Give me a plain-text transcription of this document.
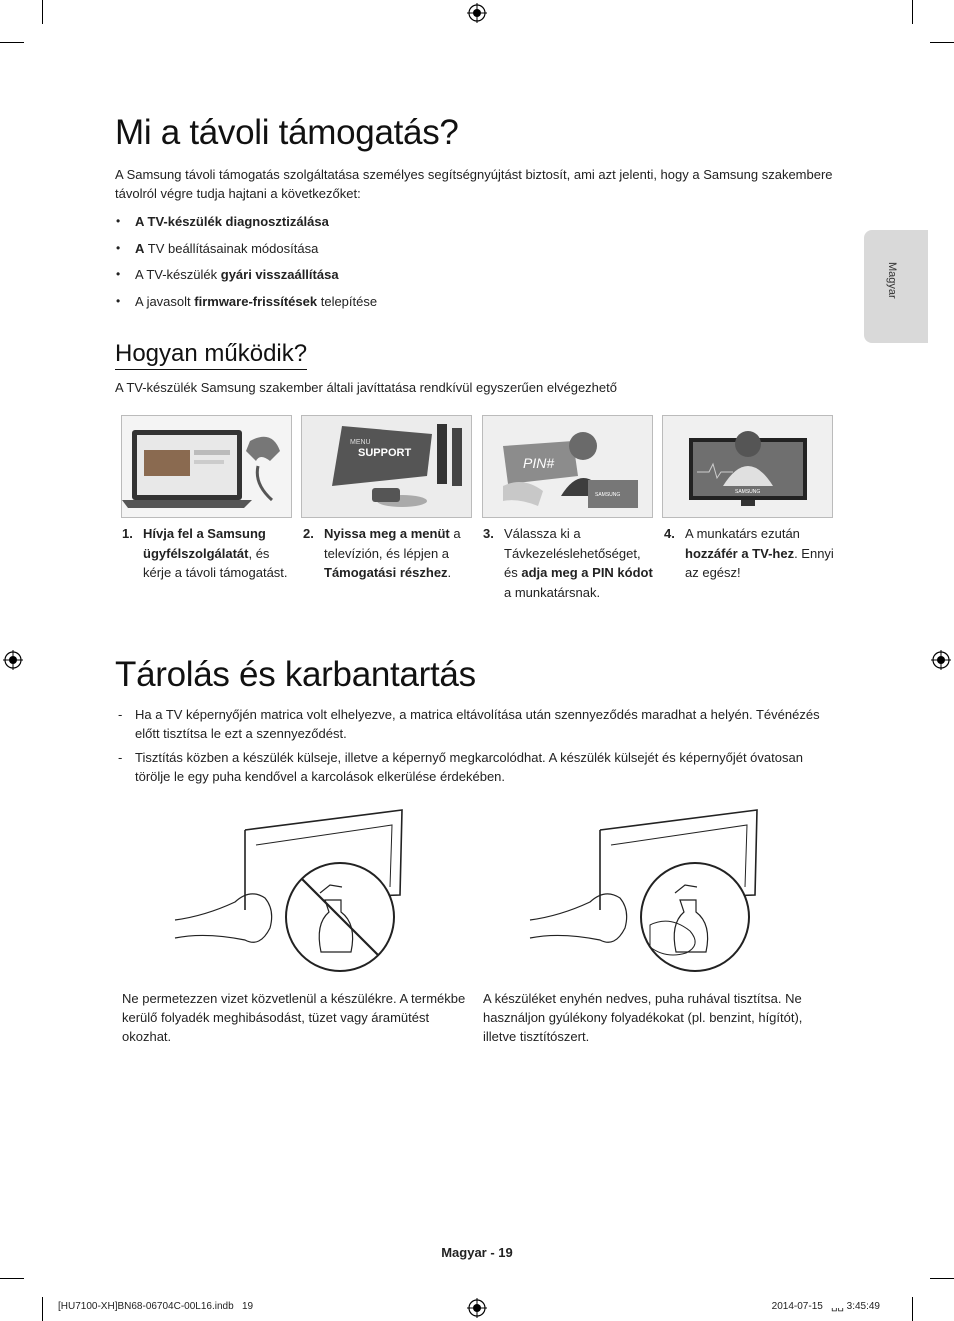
Magyar
Mi a távoli támogatás?
A Samsung távoli támogatás szolgáltatása személyes segítségnyújtást biztosít, ami azt jelenti, hogy a Samsung szakembere távolról végre tudja hajtani a következőket:
• A TV-készülék diagnosztizálása
• A TV beállításainak módosítása
• A TV-készülék gyári visszaállítása
• A javasolt firmware-frissítések telepítése
Hogyan működik?
A TV-készülék Samsung szakember általi javíttatása rendkívül egyszerűen elvégezhető
MENU
SUPPORT
PIN#
SAMSUNG	SAMSUNG
1. Hívja fel a Samsung ügyfélszolgálatát, és kérje a távoli támogatást.
2. Nyissa meg a menüt a televízión, és lépjen a Támogatási részhez.
3. Válassza ki a Távkezeléslehetőséget, és adja meg a PIN kódot a munkatársnak.
4. A munkatárs ezután hozzáfér a TV-hez. Ennyi az egész!
Tárolás és karbantartás
- Ha a TV képernyőjén matrica volt elhelyezve, a matrica eltávolítása után szennyeződés maradhat a helyén. Tévénézés előtt tisztítsa le ezt a szennyeződést.
- Tisztítás közben a készülék külseje, illetve a képernyő megkarcolódhat. A készülék külsejét és képernyőjét óvatosan törölje le egy puha kendővel a karcolások elkerülése érdekében.
Ne permetezzen vizet közvetlenül a készülékre. A termékbe kerülő folyadék meghibásodást, tüzet vagy áramütést okozhat.
A készüléket enyhén nedves, puha ruhával tisztítsa. Ne használjon gyúlékony folyadékokat (pl. benzint, hígítót), illetve tisztítószert.
Magyar - 19
[HU7100-XH]BN68-06704C-00L16.indb   19	2014-07-15   ␣␣ 3:45:49
